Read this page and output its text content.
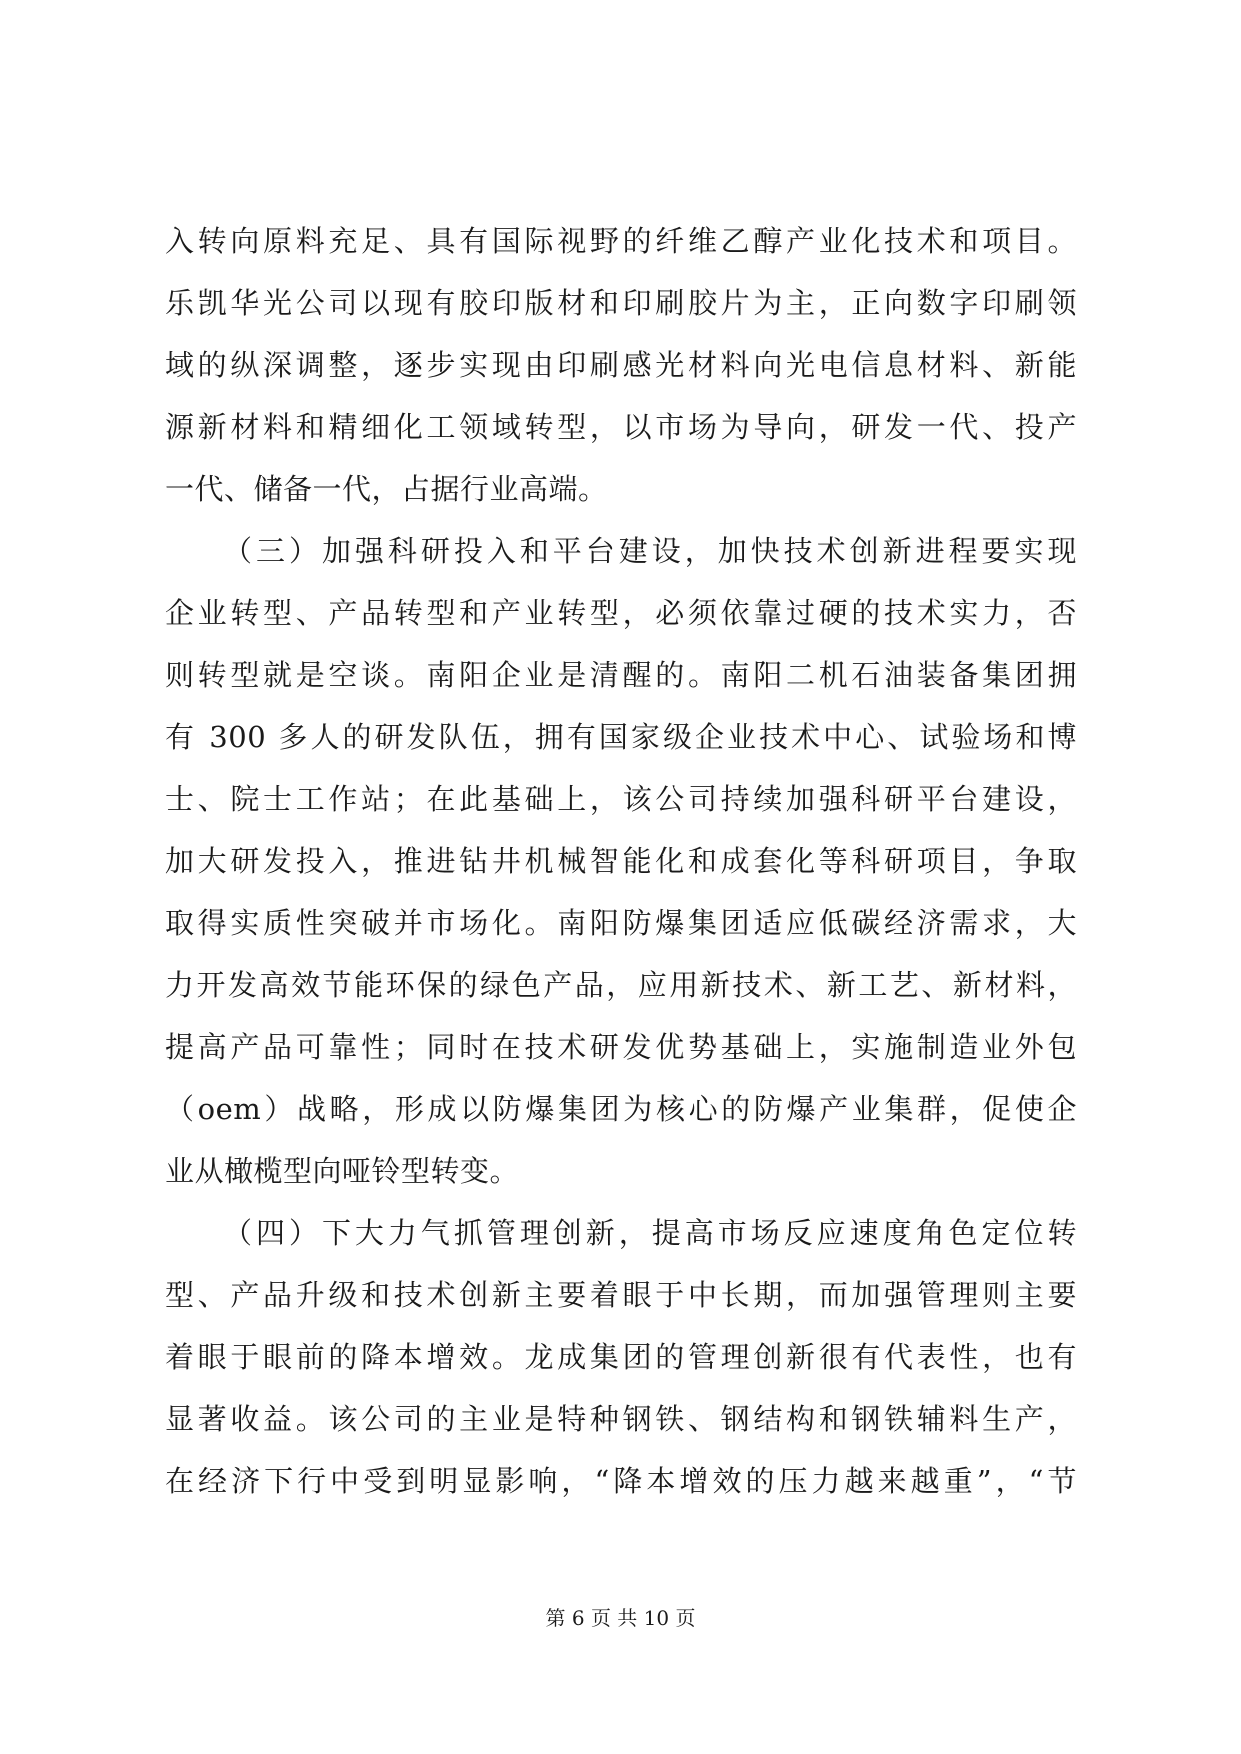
入转向原料充足、具有国际视野的纤维乙醇产业化技术和项目。
乐凯华光公司以现有胶印版材和印刷胶片为主，正向数字印刷领
域的纵深调整，逐步实现由印刷感光材料向光电信息材料、新能
源新材料和精细化工领域转型，以市场为导向，研发一代、投产
一代、储备一代，占据行业高端。
（三）加强科研投入和平台建设，加快技术创新进程要实现
企业转型、产品转型和产业转型，必须依靠过硬的技术实力，否
则转型就是空谈。南阳企业是清醒的。南阳二机石油装备集团拥
有 300 多人的研发队伍，拥有国家级企业技术中心、试验场和博
士、院士工作站；在此基础上，该公司持续加强科研平台建设，
加大研发投入，推进钻井机械智能化和成套化等科研项目，争取
取得实质性突破并市场化。南阳防爆集团适应低碳经济需求，大
力开发高效节能环保的绿色产品，应用新技术、新工艺、新材料，
提高产品可靠性；同时在技术研发优势基础上，实施制造业外包
（oem）战略，形成以防爆集团为核心的防爆产业集群，促使企
业从橄榄型向哑铃型转变。
（四）下大力气抓管理创新，提高市场反应速度角色定位转
型、产品升级和技术创新主要着眼于中长期，而加强管理则主要
着眼于眼前的降本增效。龙成集团的管理创新很有代表性，也有
显著收益。该公司的主业是特种钢铁、钢结构和钢铁辅料生产，
在经济下行中受到明显影响，“降本增效的压力越来越重”，“节
第 6 页 共 10 页
